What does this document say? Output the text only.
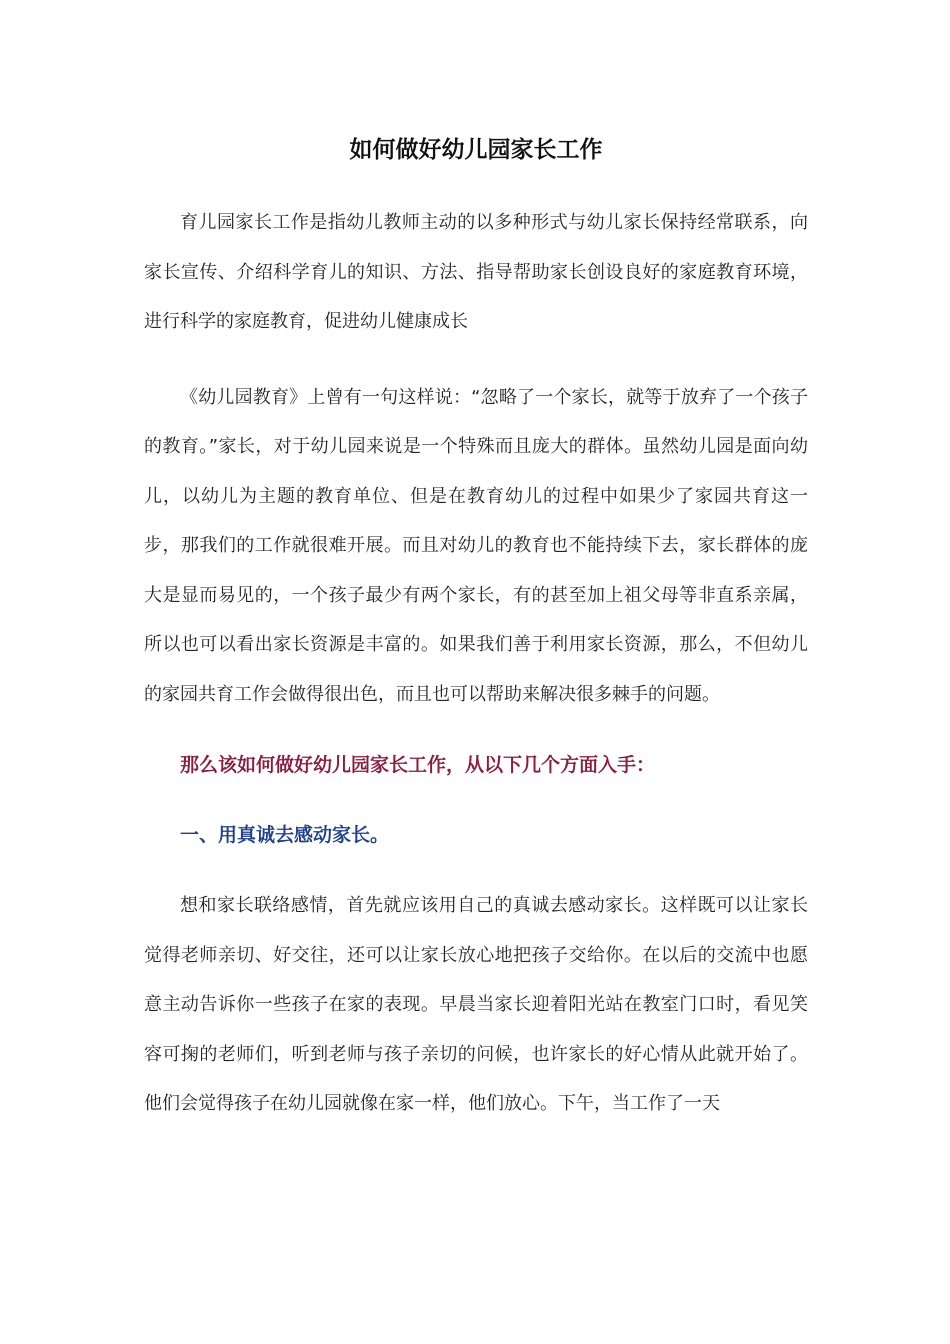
如何做好幼儿园家长工作

育儿园家长工作是指幼儿教师主动的以多种形式与幼儿家长保持经常联系，向家长宣传、介绍科学育儿的知识、方法、指导帮助家长创设良好的家庭教育环境，进行科学的家庭教育，促进幼儿健康成长

《幼儿园教育》上曾有一句这样说：“忽略了一个家长，就等于放弃了一个孩子的教育。”家长，对于幼儿园来说是一个特殊而且庞大的群体。虽然幼儿园是面向幼儿，以幼儿为主题的教育单位、但是在教育幼儿的过程中如果少了家园共育这一步，那我们的工作就很难开展。而且对幼儿的教育也不能持续下去，家长群体的庞大是显而易见的，一个孩子最少有两个家长，有的甚至加上祖父母等非直系亲属，所以也可以看出家长资源是丰富的。如果我们善于利用家长资源，那么，不但幼儿的家园共育工作会做得很出色，而且也可以帮助来解决很多棘手的问题。

那么该如何做好幼儿园家长工作，从以下几个方面入手：
一、用真诚去感动家长。

想和家长联络感情，首先就应该用自己的真诚去感动家长。这样既可以让家长觉得老师亲切、好交往，还可以让家长放心地把孩子交给你。在以后的交流中也愿意主动告诉你一些孩子在家的表现。早晨当家长迎着阳光站在教室门口时，看见笑容可掬的老师们，听到老师与孩子亲切的问候，也许家长的好心情从此就开始了。他们会觉得孩子在幼儿园就像在家一样，他们放心。下午，当工作了一天
